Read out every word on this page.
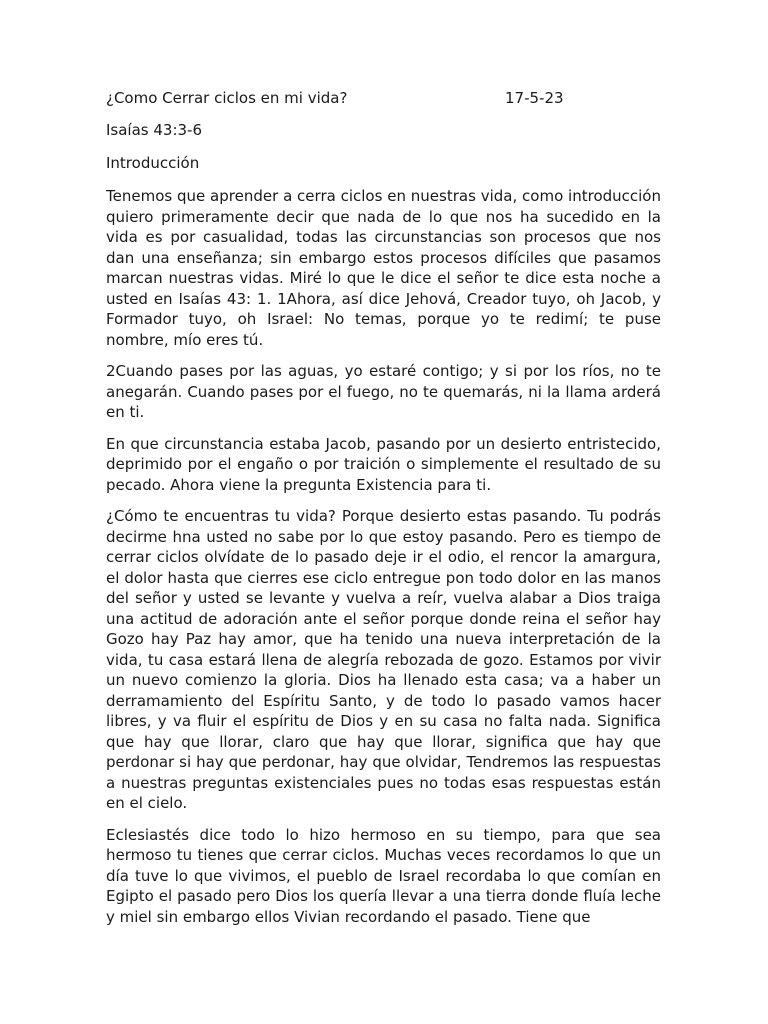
¿Como Cerrar ciclos en mi vida?	17-5-23
Isaías 43:3-6
Introducción

Tenemos que aprender a cerra ciclos en nuestras vida, como introducción quiero primeramente decir que nada de lo que nos ha sucedido en la vida es por casualidad, todas las circunstancias son procesos que nos dan una enseñanza; sin embargo estos procesos difíciles que pasamos marcan nuestras vidas. Miré lo que le dice el señor te dice esta noche a usted en Isaías 43: 1. 1Ahora, así dice Jehová, Creador tuyo, oh Jacob, y Formador tuyo, oh Israel: No temas, porque yo te redimí; te puse nombre, mío eres tú.

2Cuando pases por las aguas, yo estaré contigo; y si por los ríos, no te anegarán. Cuando pases por el fuego, no te quemarás, ni la llama arderá en ti.

En que circunstancia estaba Jacob, pasando por un desierto entristecido, deprimido por el engaño o por traición o simplemente el resultado de su pecado. Ahora viene la pregunta Existencia para ti.

¿Cómo te encuentras tu vida? Porque desierto estas pasando. Tu podrás decirme hna usted no sabe por lo que estoy pasando. Pero es tiempo de cerrar ciclos olvídate de lo pasado deje ir el odio, el rencor la amargura, el dolor hasta que cierres ese ciclo entregue pon todo dolor en las manos del señor y usted se levante y vuelva a reír, vuelva alabar a Dios traiga una actitud de adoración ante el señor porque donde reina el señor hay Gozo hay Paz hay amor, que ha tenido una nueva interpretación de la vida, tu casa estará llena de alegría rebozada de gozo. Estamos por vivir un nuevo comienzo la gloria. Dios ha llenado esta casa; va a haber un derramamiento del Espíritu Santo, y de todo lo pasado vamos hacer libres, y va fluir el espíritu de Dios y en su casa no falta nada. Significa que hay que llorar, claro que hay que llorar, significa que hay que perdonar si hay que perdonar, hay que olvidar, Tendremos las respuestas a nuestras preguntas existenciales pues no todas esas respuestas están en el cielo.

Eclesiastés dice todo lo hizo hermoso en su tiempo, para que sea hermoso tu tienes que cerrar ciclos. Muchas veces recordamos lo que un día tuve lo que vivimos, el pueblo de Israel recordaba lo que comían en Egipto el pasado pero Dios los quería llevar a una tierra donde fluía leche y miel sin embargo ellos Vivian recordando el pasado. Tiene que
